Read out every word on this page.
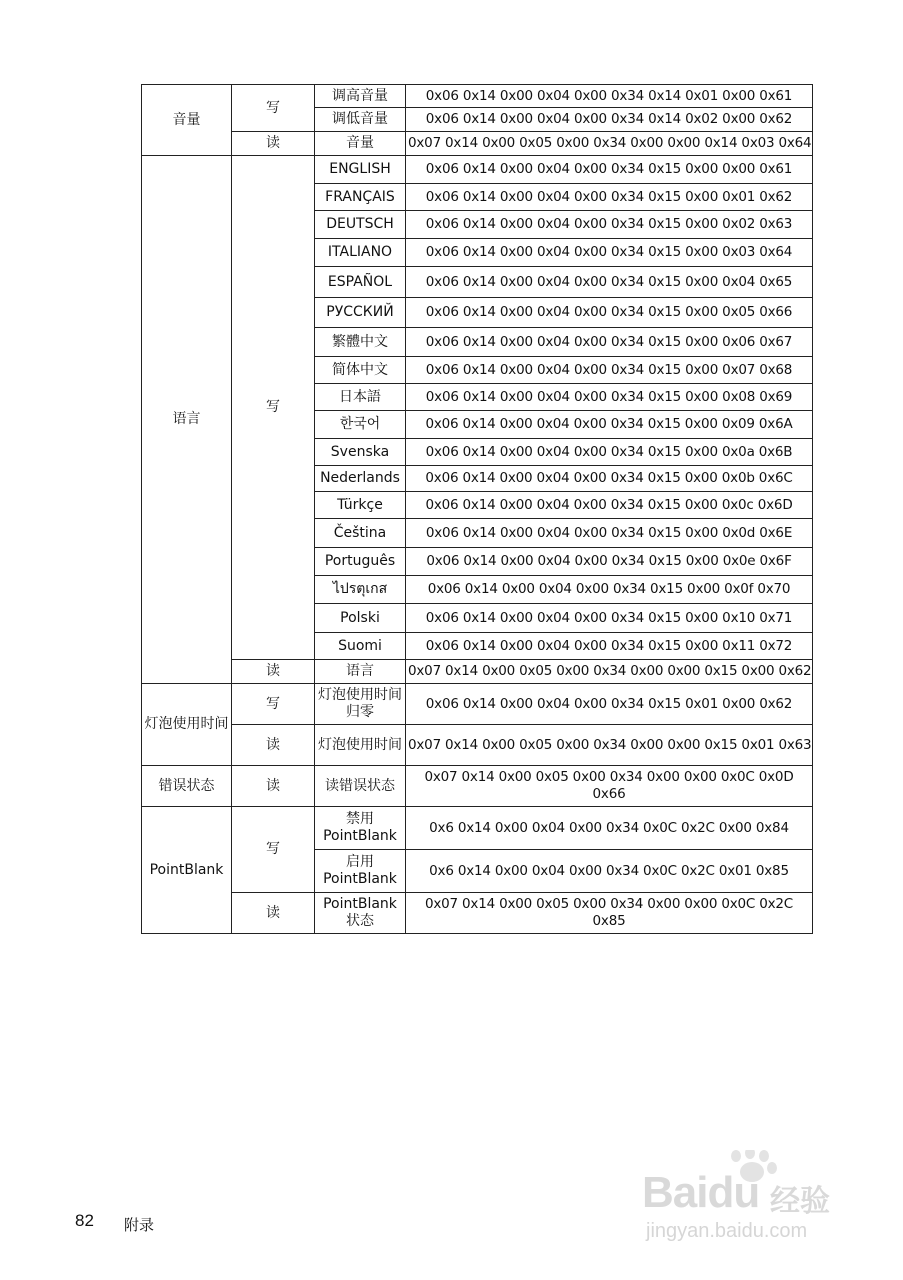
音量	写	调高音量	0x06 0x14 0x00 0x04 0x00 0x34 0x14 0x01 0x00 0x61
		调低音量	0x06 0x14 0x00 0x04 0x00 0x34 0x14 0x02 0x00 0x62
	读	音量	0x07 0x14 0x00 0x05 0x00 0x34 0x00 0x00 0x14 0x03 0x64
语言	写	ENGLISH	0x06 0x14 0x00 0x04 0x00 0x34 0x15 0x00 0x00 0x61
		FRANÇAIS	0x06 0x14 0x00 0x04 0x00 0x34 0x15 0x00 0x01 0x62
		DEUTSCH	0x06 0x14 0x00 0x04 0x00 0x34 0x15 0x00 0x02 0x63
		ITALIANO	0x06 0x14 0x00 0x04 0x00 0x34 0x15 0x00 0x03 0x64
		ESPAÑOL	0x06 0x14 0x00 0x04 0x00 0x34 0x15 0x00 0x04 0x65
		РУССКИЙ	0x06 0x14 0x00 0x04 0x00 0x34 0x15 0x00 0x05 0x66
		繁體中文	0x06 0x14 0x00 0x04 0x00 0x34 0x15 0x00 0x06 0x67
		简体中文	0x06 0x14 0x00 0x04 0x00 0x34 0x15 0x00 0x07 0x68
		日本語	0x06 0x14 0x00 0x04 0x00 0x34 0x15 0x00 0x08 0x69
		한국어	0x06 0x14 0x00 0x04 0x00 0x34 0x15 0x00 0x09 0x6A
		Svenska	0x06 0x14 0x00 0x04 0x00 0x34 0x15 0x00 0x0a 0x6B
		Nederlands	0x06 0x14 0x00 0x04 0x00 0x34 0x15 0x00 0x0b 0x6C
		Türkçe	0x06 0x14 0x00 0x04 0x00 0x34 0x15 0x00 0x0c 0x6D
		Čeština	0x06 0x14 0x00 0x04 0x00 0x34 0x15 0x00 0x0d 0x6E
		Português	0x06 0x14 0x00 0x04 0x00 0x34 0x15 0x00 0x0e 0x6F
		ไปรตุเกส	0x06 0x14 0x00 0x04 0x00 0x34 0x15 0x00 0x0f 0x70
		Polski	0x06 0x14 0x00 0x04 0x00 0x34 0x15 0x00 0x10 0x71
		Suomi	0x06 0x14 0x00 0x04 0x00 0x34 0x15 0x00 0x11 0x72
	读	语言	0x07 0x14 0x00 0x05 0x00 0x34 0x00 0x00 0x15 0x00 0x62
灯泡使用时间	写	灯泡使用时间归零	0x06 0x14 0x00 0x04 0x00 0x34 0x15 0x01 0x00 0x62
	读	灯泡使用时间	0x07 0x14 0x00 0x05 0x00 0x34 0x00 0x00 0x15 0x01 0x63
错误状态	读	读错误状态	0x07 0x14 0x00 0x05 0x00 0x34 0x00 0x00 0x0C 0x0D 0x66
PointBlank	写	禁用 PointBlank	0x6 0x14 0x00 0x04 0x00 0x34 0x0C 0x2C 0x00 0x84
		启用 PointBlank	0x6 0x14 0x00 0x04 0x00 0x34 0x0C 0x2C 0x01 0x85
	读	PointBlank 状态	0x07 0x14 0x00 0x05 0x00 0x34 0x00 0x00 0x0C 0x2C 0x85
82 附录
Baidu 经验
jingyan.baidu.com
